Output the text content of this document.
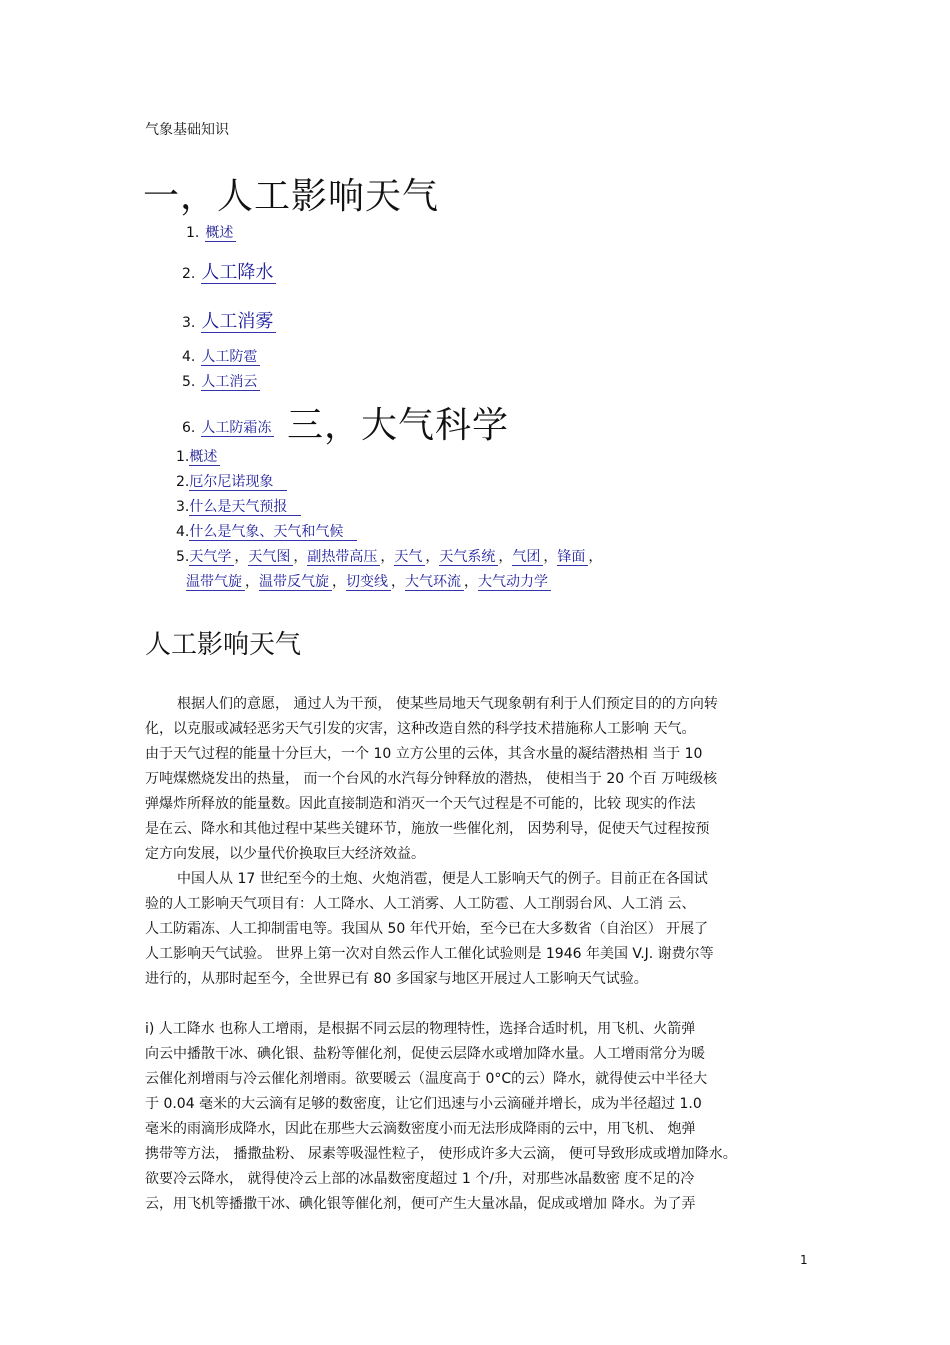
气象基础知识
一，人工影响天气
1. 概述
2. 人工降水
3. 人工消雾
4. 人工防雹
5. 人工消云
6. 人工防霜冻 三，大气科学
1.概述
2.厄尔尼诺现象
3.什么是天气预报
4.什么是气象、天气和气候
5.天气学 ，天气图 ，副热带高压 ，天气 ，天气系统 ，气团 ，锋面 ，
温带气旋 ，温带反气旋 ，切变线 ，大气环流 ，大气动力学
人工影响天气
根据人们的意愿， 通过人为干预， 使某些局地天气现象朝有利于人们预定目的的方向转
化，以克服或减轻恶劣天气引发的灾害，这种改造自然的科学技术措施称人工影响 天气。
由于天气过程的能量十分巨大，一个 10 立方公里的云体，其含水量的凝结潜热相 当于 10
万吨煤燃烧发出的热量， 而一个台风的水汽每分钟释放的潜热， 使相当于 20 个百 万吨级核
弹爆炸所释放的能量数。因此直接制造和消灭一个天气过程是不可能的，比较 现实的作法
是在云、降水和其他过程中某些关键环节，施放一些催化剂， 因势利导，促使天气过程按预
定方向发展，以少量代价换取巨大经济效益。
中国人从 17 世纪至今的土炮、火炮消雹，便是人工影响天气的例子。目前正在各国试
验的人工影响天气项目有：人工降水、人工消雾、人工防雹、人工削弱台风、人工消 云、
人工防霜冻、人工抑制雷电等。我国从 50 年代开始，至今已在大多数省（自治区） 开展了
人工影响天气试验。 世界上第一次对自然云作人工催化试验则是 1946 年美国 V.J. 谢费尔等
进行的，从那时起至今，全世界已有 80 多国家与地区开展过人工影响天气试验。
i) 人工降水 也称人工增雨，是根据不同云层的物理特性，选择合适时机，用飞机、火箭弹
向云中播散干冰、碘化银、盐粉等催化剂，促使云层降水或增加降水量。人工增雨常分为暖
云催化剂增雨与冷云催化剂增雨。欲要暖云（温度高于 0°C的云）降水，就得使云中半径大
于 0.04 毫米的大云滴有足够的数密度，让它们迅速与小云滴碰并增长，成为半径超过 1.0
毫米的雨滴形成降水，因此在那些大云滴数密度小而无法形成降雨的云中，用飞机、 炮弹
携带等方法， 播撒盐粉、 尿素等吸湿性粒子， 使形成许多大云滴， 便可导致形成或增加降水。
欲要冷云降水， 就得使冷云上部的冰晶数密度超过 1 个/升，对那些冰晶数密 度不足的冷
云，用飞机等播撒干冰、碘化银等催化剂，便可产生大量冰晶，促成或增加 降水。为了弄
1
